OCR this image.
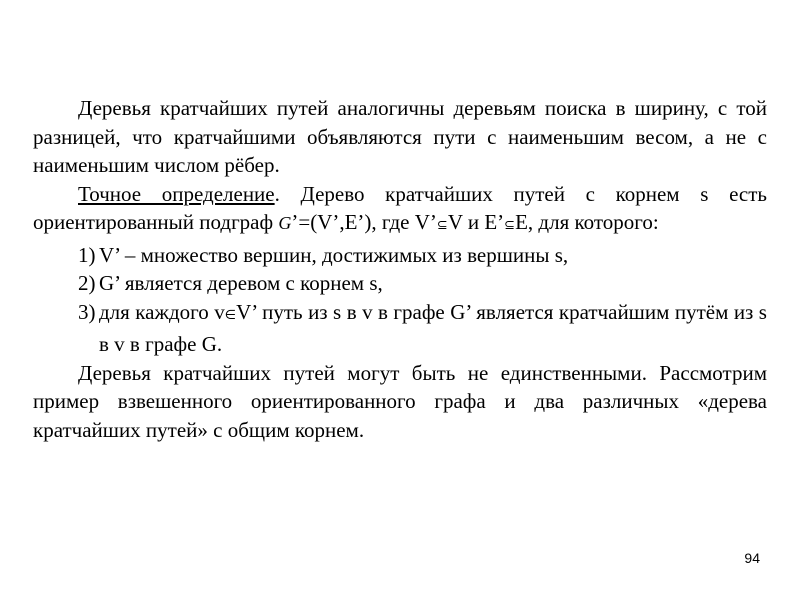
Деревья кратчайших путей аналогичны деревьям поиска в ширину, с той разницей, что кратчайшими объявляются пути с наименьшим весом, а не с наименьшим числом рёбер.

Точное определение. Дерево кратчайших путей с корнем s есть ориентированный подграф G’=(V’,E’), где V’⊆V и E’⊆E, для которого:

1) V’ – множество вершин, достижимых из вершины s,
2) G’ является деревом с корнем s,
3) для каждого v∈V’ путь из s в v в графе G’ является кратчайшим путём из s в v в графе G.

Деревья кратчайших путей могут быть не единственными. Рассмотрим пример взвешенного ориентированного графа и два различных «дерева кратчайших путей» с общим корнем.

94
